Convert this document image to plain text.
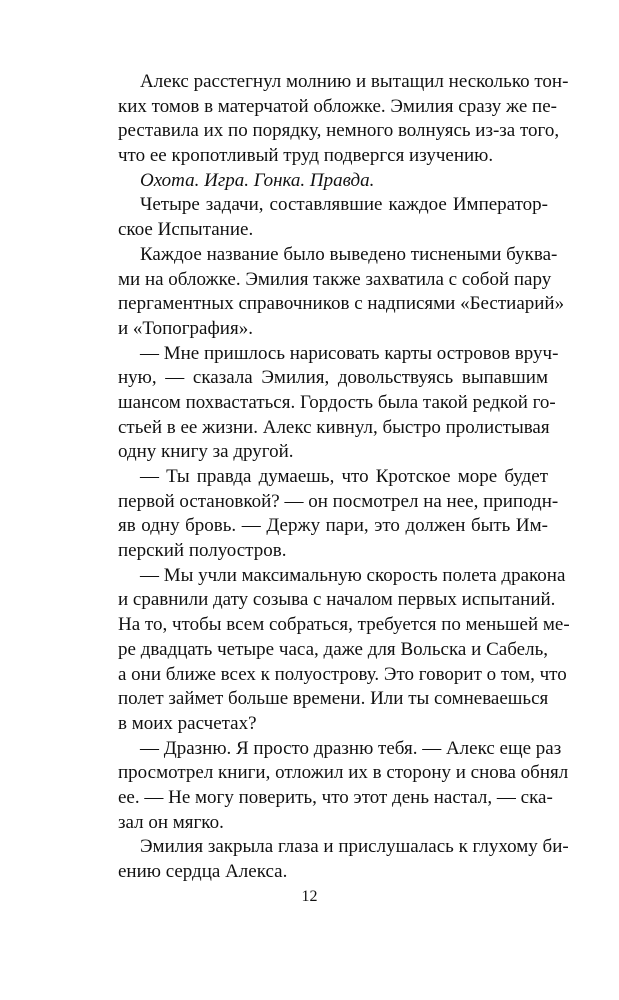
Алекс расстегнул молнию и вытащил несколько тон-
ких томов в матерчатой обложке. Эмилия сразу же пе-
реставила их по порядку, немного волнуясь из-за того,
что ее кропотливый труд подвергся изучению.
Охота. Игра. Гонка. Правда.
Четыре задачи, составлявшие каждое Император-
ское Испытание.
Каждое название было выведено тиснеными буква-
ми на обложке. Эмилия также захватила с собой пару
пергаментных справочников с надписями «Бестиарий»
и «Топография».
— Мне пришлось нарисовать карты островов вруч-
ную, — сказала Эмилия, довольствуясь выпавшим
шансом похвастаться. Гордость была такой редкой го-
стьей в ее жизни. Алекс кивнул, быстро пролистывая
одну книгу за другой.
— Ты правда думаешь, что Кротское море будет
первой остановкой? — он посмотрел на нее, приподн-
яв одну бровь. — Держу пари, это должен быть Им-
перский полуостров.
— Мы учли максимальную скорость полета дракона
и сравнили дату созыва с началом первых испытаний.
На то, чтобы всем собраться, требуется по меньшей ме-
ре двадцать четыре часа, даже для Вольска и Сабель,
а они ближе всех к полуострову. Это говорит о том, что
полет займет больше времени. Или ты сомневаешься
в моих расчетах?
— Дразню. Я просто дразню тебя. — Алекс еще раз
просмотрел книги, отложил их в сторону и снова обнял
ее. — Не могу поверить, что этот день настал, — ска-
зал он мягко.
Эмилия закрыла глаза и прислушалась к глухому би-
ению сердца Алекса.
12
